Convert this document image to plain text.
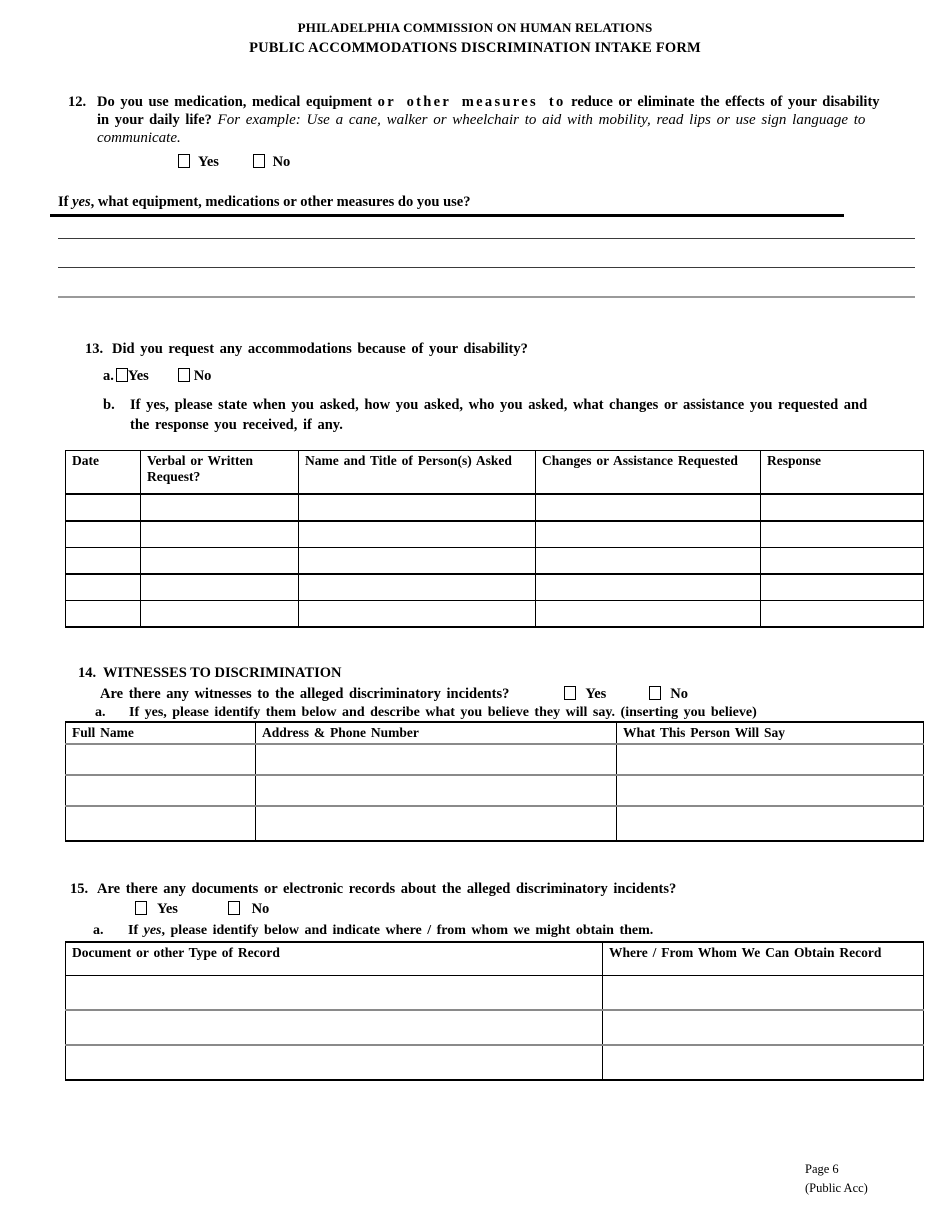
PHILADELPHIA COMMISSION ON HUMAN RELATIONS
PUBLIC ACCOMMODATIONS DISCRIMINATION INTAKE FORM
12. Do you use medication, medical equipment or other measures to reduce or eliminate the effects of your disability in your daily life? For example: Use a cane, walker or wheelchair to aid with mobility, read lips or use sign language to communicate.
Yes	No
If yes, what equipment, medications or other measures do you use?
13. Did you request any accommodations because of your disability?
a. Yes	No
b.	If yes, please state when you asked, how you asked, who you asked, what changes or assistance you requested and the response you received, if any.
Date	Verbal or Written Request?	Name and Title of Person(s) Asked	Changes or Assistance Requested	Response

14. WITNESSES TO DISCRIMINATION
Are there any witnesses to the alleged discriminatory incidents?	Yes	No
a.	If yes, please identify them below and describe what you believe they will say. (inserting you believe)
Full Name	Address & Phone Number	What This Person Will Say

15. Are there any documents or electronic records about the alleged discriminatory incidents?
Yes	No
a.	If yes, please identify below and indicate where / from whom we might obtain them.
Document or other Type of Record	Where / From Whom We Can Obtain Record

Page 6
(Public Acc)
